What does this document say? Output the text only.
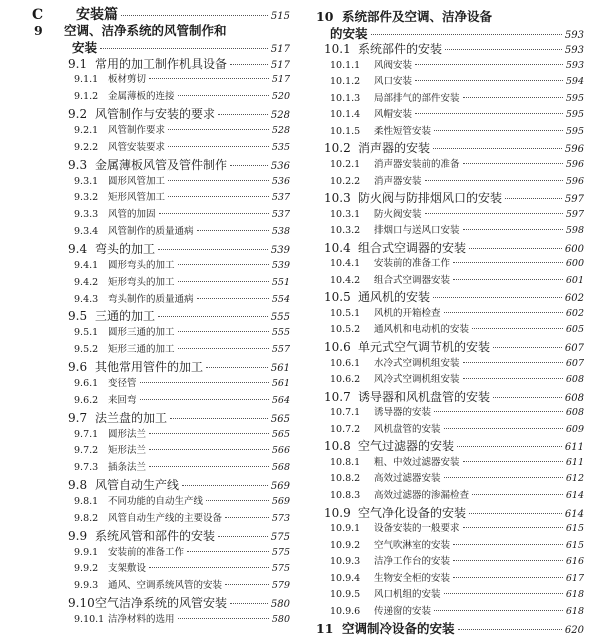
C 安装篇	515
9 空调、洁净系统的风管制作和
安装	517
9.1 常用的加工制作机具设备	517
9.1.1 板材剪切	517
9.1.2 金属薄板的连接	520
9.2 风管制作与安装的要求	528
9.2.1 风管制作要求	528
9.2.2 风管安装要求	535
9.3 金属薄板风管及管件制作	536
9.3.1 圆形风管加工	536
9.3.2 矩形风管加工	537
9.3.3 风管的加固	537
9.3.4 风管制作的质量通病	538
9.4 弯头的加工	539
9.4.1 圆形弯头的加工	539
9.4.2 矩形弯头的加工	551
9.4.3 弯头制作的质量通病	554
9.5 三通的加工	555
9.5.1 圆形三通的加工	555
9.5.2 矩形三通的加工	557
9.6 其他常用管件的加工	561
9.6.1 变径管	561
9.6.2 来回弯	564
9.7 法兰盘的加工	565
9.7.1 圆形法兰	565
9.7.2 矩形法兰	566
9.7.3 插条法兰	568
9.8 风管自动生产线	569
9.8.1 不同功能的自动生产线	569
9.8.2 风管自动生产线的主要设备	573
9.9 系统风管和部件的安装	575
9.9.1 安装前的准备工作	575
9.9.2 支架敷设	575
9.9.3 通风、空调系统风管的安装	579
9.10空气洁净系统的风管安装	580
9.10.1 洁净材料的选用	580
10 系统部件及空调、洁净设备
的安装	593
10.1 系统部件的安装	593
10.1.1 风阀安装	593
10.1.2 风口安装	594
10.1.3 局部排气的部件安装	595
10.1.4 风帽安装	595
10.1.5 柔性短管安装	595
10.2 消声器的安装	596
10.2.1 消声器安装前的准备	596
10.2.2 消声器安装	596
10.3 防火阀与防排烟风口的安装	597
10.3.1 防火阀安装	597
10.3.2 排烟口与送风口安装	598
10.4 组合式空调器的安装	600
10.4.1 安装前的准备工作	600
10.4.2 组合式空调器安装	601
10.5 通风机的安装	602
10.5.1 风机的开箱检查	602
10.5.2 通风机和电动机的安装	605
10.6 单元式空气调节机的安装	607
10.6.1 水冷式空调机组安装	607
10.6.2 风冷式空调机组安装	608
10.7 诱导器和风机盘管的安装	608
10.7.1 诱导器的安装	608
10.7.2 风机盘管的安装	609
10.8 空气过滤器的安装	611
10.8.1 粗、中效过滤器安装	611
10.8.2 高效过滤器安装	612
10.8.3 高效过滤器的渗漏检查	614
10.9 空气净化设备的安装	614
10.9.1 设备安装的一般要求	615
10.9.2 空气吹淋室的安装	615
10.9.3 洁净工作台的安装	616
10.9.4 生物安全柜的安装	617
10.9.5 风口机组的安装	618
10.9.6 传递窗的安装	618
11 空调制冷设备的安装	620
